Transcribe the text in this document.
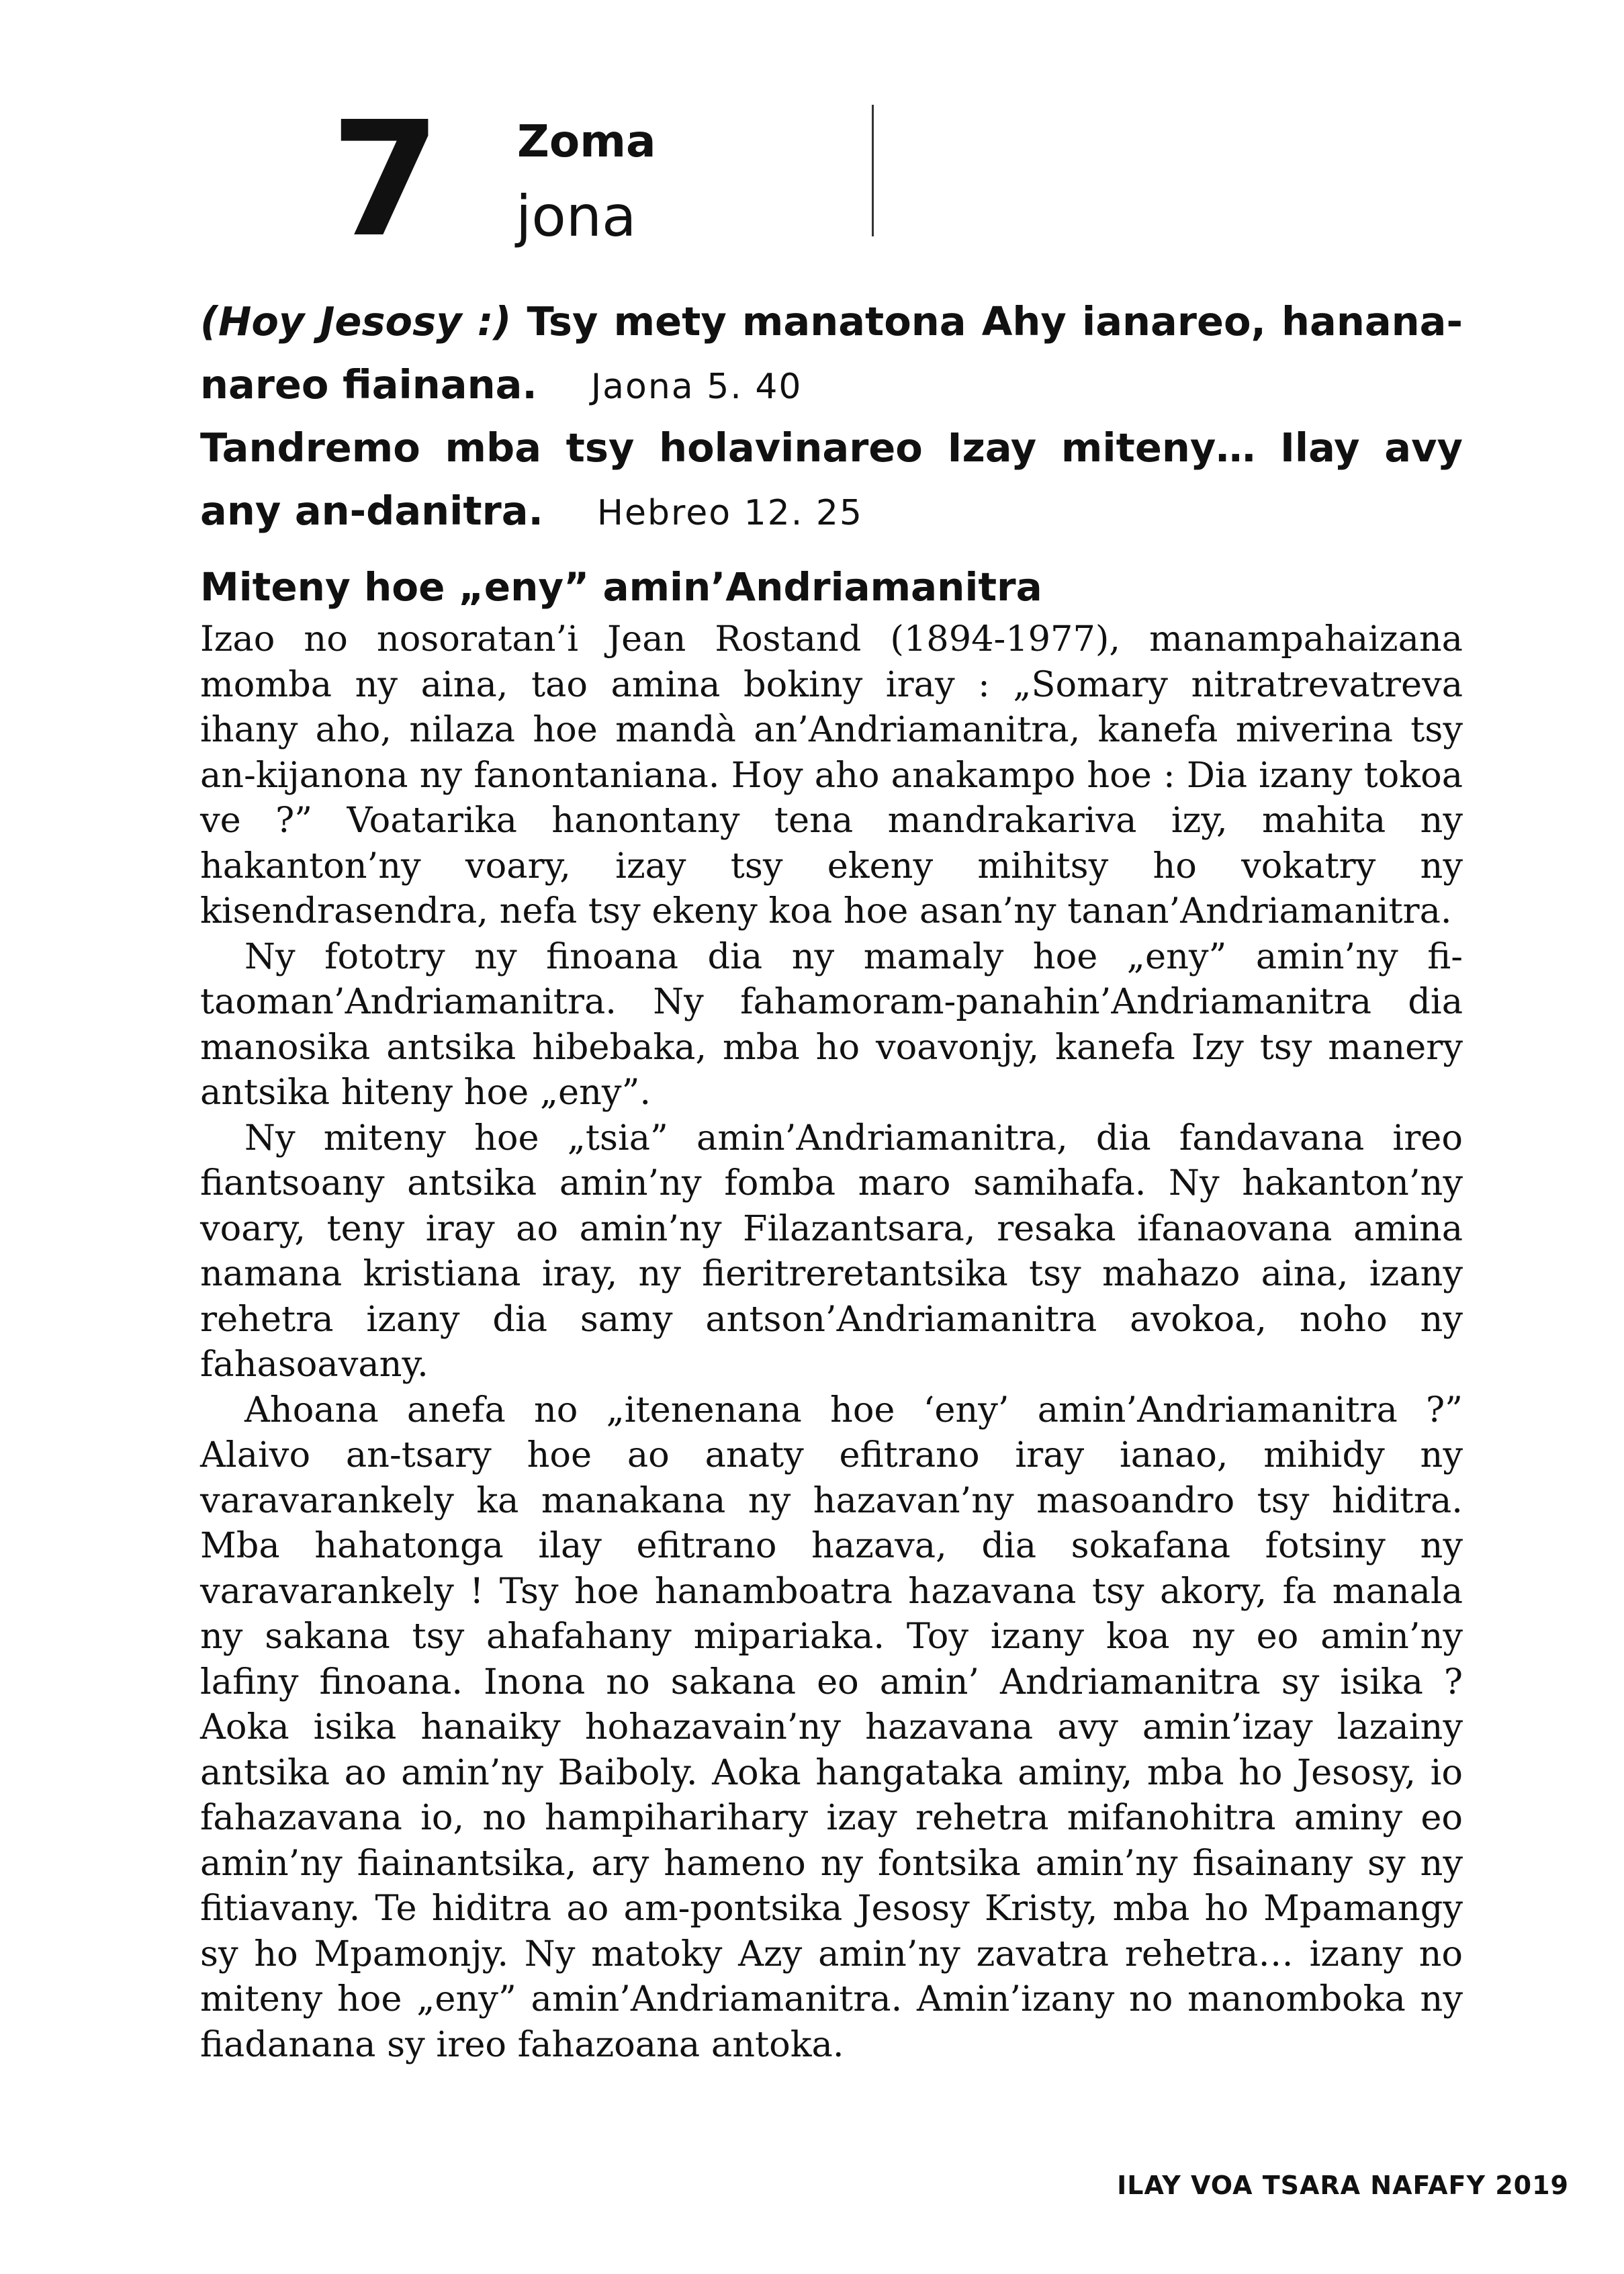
7 Zoma
jona
(Hoy Jesosy :) Tsy mety manatona Ahy ianareo, hanananareo fiainana. Jaona 5. 40
Tandremo mba tsy holavinareo Izay miteny… Ilay avy any an-danitra. Hebreo 12. 25
Miteny hoe „eny” amin’Andriamanitra

Izao no nosoratan’i Jean Rostand (1894-1977), manampahaizana momba ny aina, tao amina bokiny iray : „Somary nitratrevatreva ihany aho, nilaza hoe mandà an’Andriamanitra, kanefa miverina tsy an-kijanona ny fanontaniana. Hoy aho anakampo hoe : Dia izany tokoa ve ?” Voatarika hanontany tena mandrakariva izy, mahita ny hakanton’ny voary, izay tsy ekeny mihitsy ho vokatry ny kisendrasendra, nefa tsy ekeny koa hoe asan’ny tanan’Andriamanitra.

Ny fototry ny finoana dia ny mamaly hoe „eny” amin’ny fitaoman’Andriamanitra. Ny fahamoram-panahin’Andriamanitra dia manosika antsika hibebaka, mba ho voavonjy, kanefa Izy tsy manery antsika hiteny hoe „eny”.

Ny miteny hoe „tsia” amin’Andriamanitra, dia fandavana ireo fiantsoany antsika amin’ny fomba maro samihafa. Ny hakanton’ny voary, teny iray ao amin’ny Filazantsara, resaka ifanaovana amina namana kristiana iray, ny fieritreretantsika tsy mahazo aina, izany rehetra izany dia samy antson’Andriamanitra avokoa, noho ny fahasoavany.

Ahoana anefa no „itenenana hoe ‘eny’ amin’Andriamanitra ?” Alaivo an-tsary hoe ao anaty efitrano iray ianao, mihidy ny varavarankely ka manakana ny hazavan’ny masoandro tsy hiditra. Mba hahatonga ilay efitrano hazava, dia sokafana fotsiny ny varavarankely ! Tsy hoe hanamboatra hazavana tsy akory, fa manala ny sakana tsy ahafahany mipariaka. Toy izany koa ny eo amin’ny lafiny finoana. Inona no sakana eo amin’ Andriamanitra sy isika ? Aoka isika hanaiky hohazavain’ny hazavana avy amin’izay lazainy antsika ao amin’ny Baiboly. Aoka hangataka aminy, mba ho Jesosy, io fahazavana io, no hampiharihary izay rehetra mifanohitra aminy eo amin’ny fiainantsika, ary hameno ny fontsika amin’ny fisainany sy ny fitiavany. Te hiditra ao am-pontsika Jesosy Kristy, mba ho Mpamangy sy ho Mpamonjy. Ny matoky Azy amin’ny zavatra rehetra… izany no miteny hoe „eny” amin’Andriamanitra. Amin’izany no manomboka ny fiadanana sy ireo fahazoana antoka.

ILAY VOA TSARA NAFAFY 2019
